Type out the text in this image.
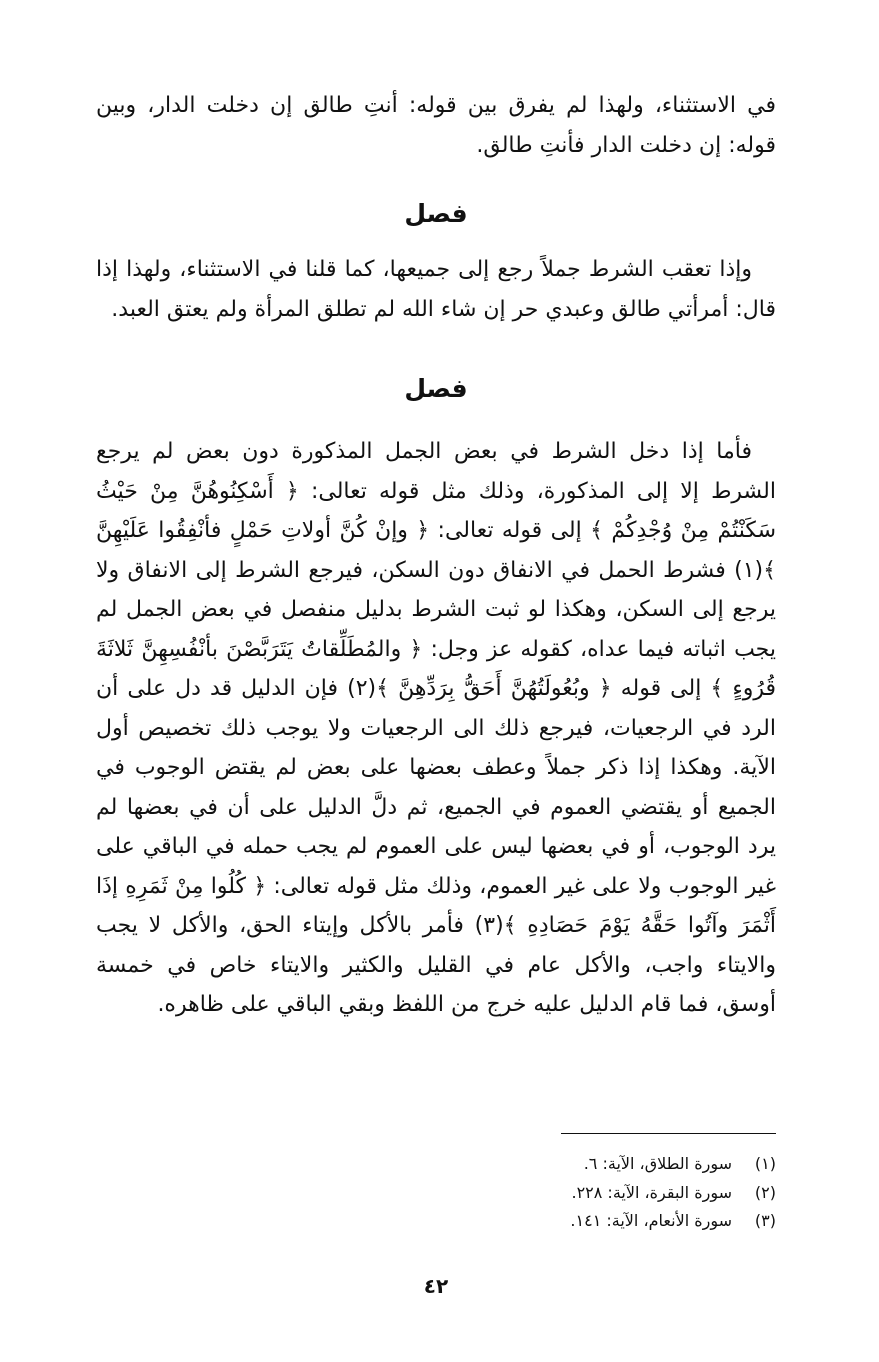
في الاستثناء، ولهذا لم يفرق بين قوله: أنتِ طالق إن دخلت الدار، وبين قوله: إن دخلت الدار فأنتِ طالق.

فصل

وإذا تعقب الشرط جملاً رجع إلى جميعها، كما قلنا في الاستثناء، ولهذا إذا قال: أمرأتي طالق وعبدي حر إن شاء الله لم تطلق المرأة ولم يعتق العبد.

فصل

فأما إذا دخل الشرط في بعض الجمل المذكورة دون بعض لم يرجع الشرط إلا إلى المذكورة، وذلك مثل قوله تعالى: ﴿ أَسْكِنُوهُنَّ مِنْ حَيْثُ سَكَنْتُمْ مِنْ وُجْدِكُمْ ﴾ إلى قوله تعالى: ﴿ وإنْ كُنَّ أولاتِ حَمْلٍ فأنْفِقُوا عَلَيْهِنَّ ﴾(١) فشرط الحمل في الانفاق دون السكن، فيرجع الشرط إلى الانفاق ولا يرجع إلى السكن، وهكذا لو ثبت الشرط بدليل منفصل في بعض الجمل لم يجب اثباته فيما عداه، كقوله عز وجل: ﴿ والمُطَلِّقاتُ يَتَرَبَّصْنَ بأنْفُسِهِنَّ ثَلاثَةَ قُرُوءٍ ﴾ إلى قوله ﴿ وبُعُولَتُهُنَّ أَحَقُّ بِرَدِّهِنَّ ﴾(٢) فإن الدليل قد دل على أن الرد في الرجعيات، فيرجع ذلك الى الرجعيات ولا يوجب ذلك تخصيص أول الآية. وهكذا إذا ذكر جملاً وعطف بعضها على بعض لم يقتض الوجوب في الجميع أو يقتضي العموم في الجميع، ثم دلَّ الدليل على أن في بعضها لم يرد الوجوب، أو في بعضها ليس على العموم لم يجب حمله في الباقي على غير الوجوب ولا على غير العموم، وذلك مثل قوله تعالى: ﴿ كُلُوا مِنْ ثَمَرِهِ إذَا أَثْمَرَ وآتُوا حَقَّهُ يَوْمَ حَصَادِهِ ﴾(٣) فأمر بالأكل وإيتاء الحق، والأكل لا يجب والايتاء واجب، والأكل عام في القليل والكثير والايتاء خاص في خمسة أوسق، فما قام الدليل عليه خرج من اللفظ وبقي الباقي على ظاهره.

(١)سورة الطلاق، الآية: ٦.
(٢)سورة البقرة، الآية: ٢٢٨.
(٣)سورة الأنعام، الآية: ١٤١.
٤٢
